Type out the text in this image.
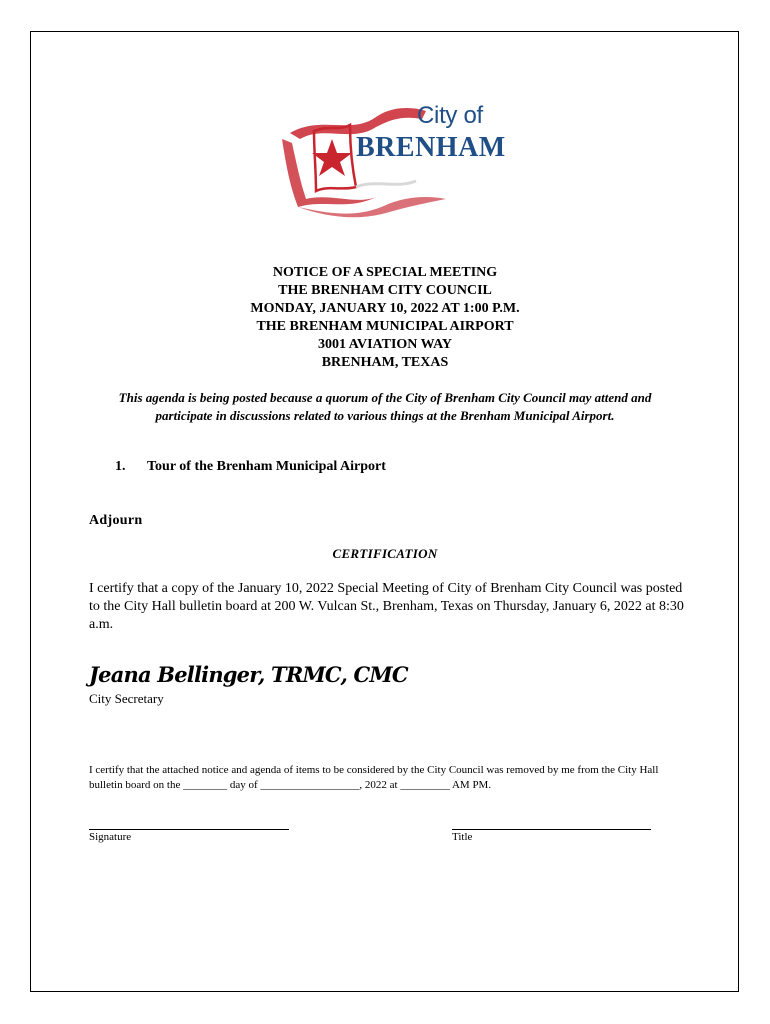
City of
BRENHAM
NOTICE OF A SPECIAL MEETING
THE BRENHAM CITY COUNCIL
MONDAY, JANUARY 10, 2022 AT 1:00 P.M.
THE BRENHAM MUNICIPAL AIRPORT
3001 AVIATION WAY
BRENHAM, TEXAS
This agenda is being posted because a quorum of the City of Brenham City Council may attend and
participate in discussions related to various things at the Brenham Municipal Airport.
1. Tour of the Brenham Municipal Airport
Adjourn
CERTIFICATION
I certify that a copy of the January 10, 2022 Special Meeting of City of Brenham City Council was posted to the City Hall bulletin board at 200 W. Vulcan St., Brenham, Texas on Thursday, January 6, 2022 at 8:30 a.m.
Jeana Bellinger, TRMC, CMC
City Secretary
I certify that the attached notice and agenda of items to be considered by the City Council was removed by me from the City Hall
bulletin board on the ________ day of __________________, 2022 at _________ AM PM.
Signature	Title
